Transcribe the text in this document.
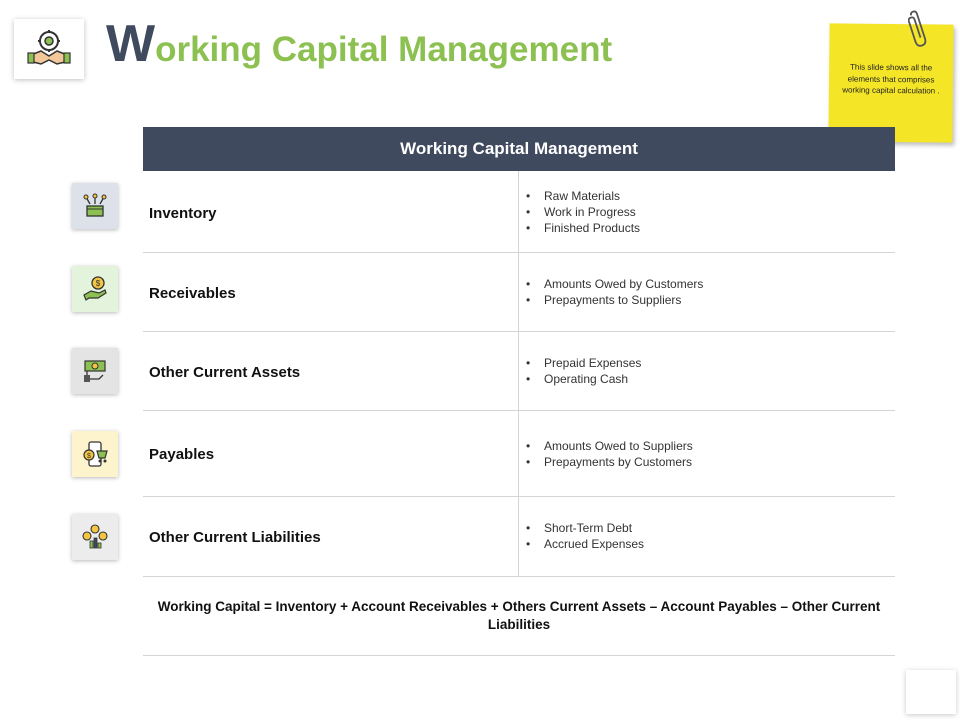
Working Capital Management	This slide shows all the elements that comprises working capital calculation .
Working Capital Management
Inventory
• Raw Materials
• Work in Progress
• Finished Products
$
Receivables
• Amounts Owed by Customers
• Prepayments to Suppliers
Other Current Assets
• Prepaid Expenses
• Operating Cash
$	Payables	• Amounts Owed to Suppliers
• Prepayments by Customers
Other Current Liabilities
• Short-Term Debt
• Accrued Expenses
Working Capital = Inventory + Account Receivables + Others Current Assets – Account Payables – Other Current Liabilities
